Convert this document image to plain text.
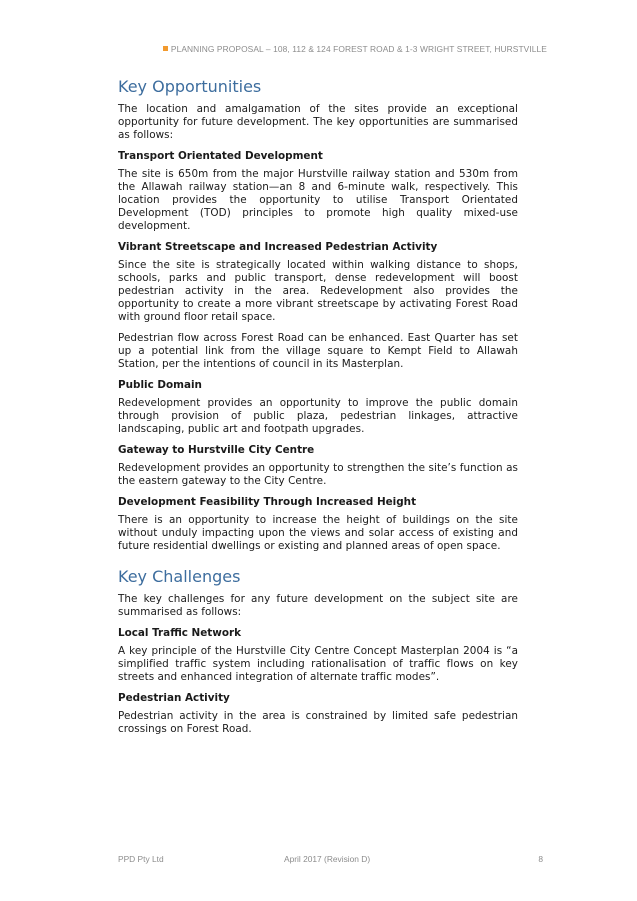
PLANNING PROPOSAL – 108, 112 & 124 FOREST ROAD & 1-3 WRIGHT STREET, HURSTVILLE
Key Opportunities

The location and amalgamation of the sites provide an exceptional opportunity for future development. The key opportunities are summarised as follows:

Transport Orientated Development

The site is 650m from the major Hurstville railway station and 530m from the Allawah railway station—an 8 and 6-minute walk, respectively. This location provides the opportunity to utilise Transport Orientated Development (TOD) principles to promote high quality mixed-use development.

Vibrant Streetscape and Increased Pedestrian Activity

Since the site is strategically located within walking distance to shops, schools, parks and public transport, dense redevelopment will boost pedestrian activity in the area. Redevelopment also provides the opportunity to create a more vibrant streetscape by activating Forest Road with ground floor retail space.

Pedestrian flow across Forest Road can be enhanced. East Quarter has set up a potential link from the village square to Kempt Field to Allawah Station, per the intentions of council in its Masterplan.

Public Domain

Redevelopment provides an opportunity to improve the public domain through provision of public plaza, pedestrian linkages, attractive landscaping, public art and footpath upgrades.

Gateway to Hurstville City Centre

Redevelopment provides an opportunity to strengthen the site’s function as the eastern gateway to the City Centre.

Development Feasibility Through Increased Height

There is an opportunity to increase the height of buildings on the site without unduly impacting upon the views and solar access of existing and future residential dwellings or existing and planned areas of open space.

Key Challenges

The key challenges for any future development on the subject site are summarised as follows:

Local Traffic Network

A key principle of the Hurstville City Centre Concept Masterplan 2004 is “a simplified traffic system including rationalisation of traffic flows on key streets and enhanced integration of alternate traffic modes”.

Pedestrian Activity

Pedestrian activity in the area is constrained by limited safe pedestrian crossings on Forest Road.

PPD Pty Ltd	April 2017 (Revision D)	8
